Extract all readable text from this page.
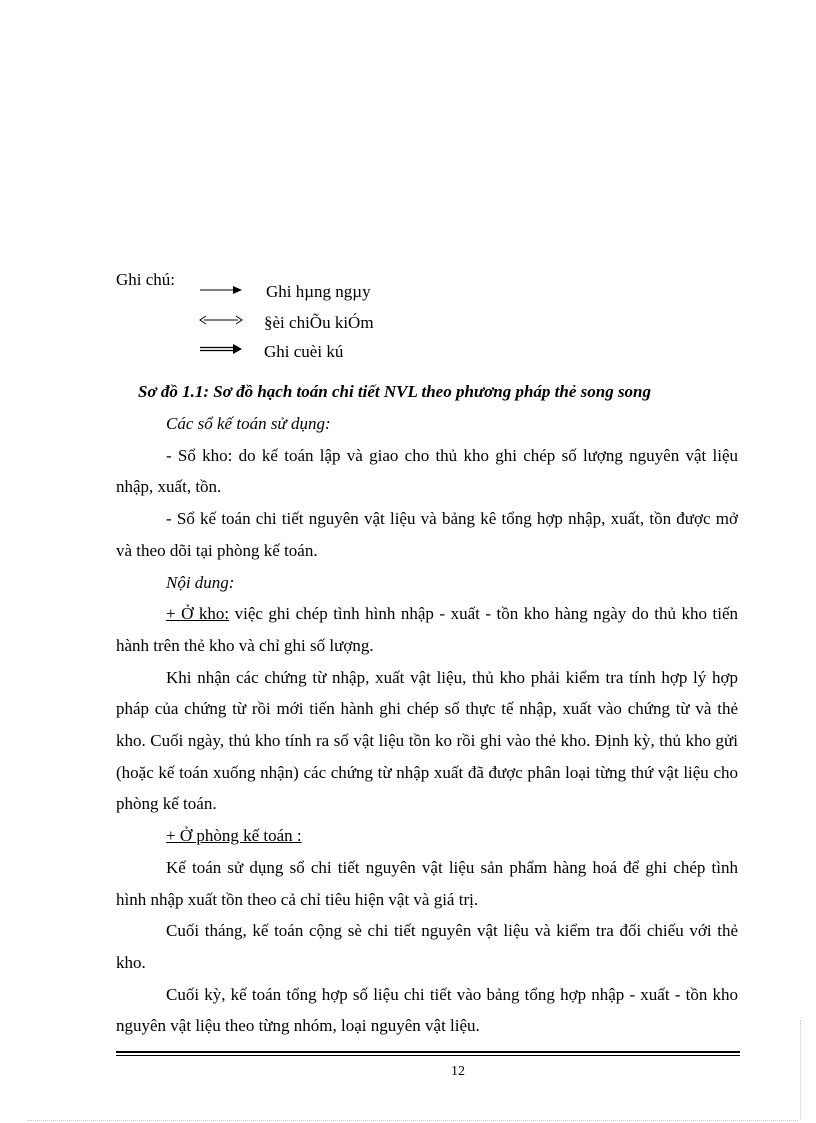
Ghi chú:
Ghi hµng ngµy
§èi chiÕu kiÓm
Ghi cuèi kú
Sơ đồ 1.1: Sơ đồ hạch toán chi tiết NVL theo phương pháp thẻ song song

Các sổ kế toán sử dụng:

- Sổ kho: do kế toán lập và giao cho thủ kho ghi chép số lượng nguyên vật liệu nhập, xuất, tồn.

- Sổ kế toán chi tiết nguyên vật liệu và bảng kê tổng hợp nhập, xuất, tồn được mở và theo dõi tại phòng kế toán.

Nội dung:

+ Ở kho: việc ghi chép tình hình nhập - xuất - tồn kho hàng ngày do thủ kho tiến hành trên thẻ kho và chỉ ghi số lượng.

Khi nhận các chứng từ nhập, xuất vật liệu, thủ kho phải kiểm tra tính hợp lý hợp pháp của chứng từ rồi mới tiến hành ghi chép số thực tế nhập, xuất vào chứng từ và thẻ kho. Cuối ngày, thủ kho tính ra số vật liệu tồn ko rồi ghi vào thẻ kho. Định kỳ, thủ kho gửi (hoặc kế toán xuống nhận) các chứng từ nhập xuất đã được phân loại từng thứ vật liệu cho phòng kế toán.

+ Ở phòng kế toán :

Kế toán sử dụng sổ chi tiết nguyên vật liệu sản phẩm hàng hoá để ghi chép tình hình nhập xuất tồn theo cả chỉ tiêu hiện vật và giá trị.

Cuối tháng, kế toán cộng sè chi tiết nguyên vật liệu và kiểm tra đối chiếu với thẻ kho.

Cuối kỳ, kế toán tổng hợp số liệu chi tiết vào bảng tổng hợp nhập - xuất - tồn kho nguyên vật liệu theo từng nhóm, loại nguyên vật liệu.

12
